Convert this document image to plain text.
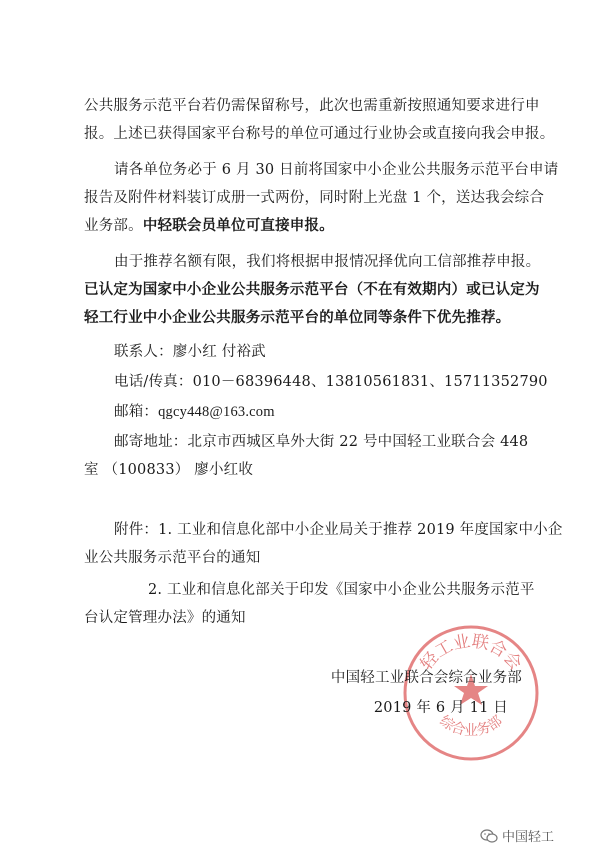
公共服务示范平台若仍需保留称号，此次也需重新按照通知要求进行申
报。上述已获得国家平台称号的单位可通过行业协会或直接向我会申报。
请各单位务必于 6 月 30 日前将国家中小企业公共服务示范平台申请
报告及附件材料装订成册一式两份，同时附上光盘 1 个，送达我会综合
业务部。中轻联会员单位可直接申报。
由于推荐名额有限，我们将根据申报情况择优向工信部推荐申报。
已认定为国家中小企业公共服务示范平台（不在有效期内）或已认定为
轻工行业中小企业公共服务示范平台的单位同等条件下优先推荐。
联系人：廖小红 付裕武
电话/传真：010－68396448、13810561831、15711352790
邮箱：qgcy448@163.com
邮寄地址：北京市西城区阜外大街 22 号中国轻工业联合会 448
室 （100833） 廖小红收
附件：1. 工业和信息化部中小企业局关于推荐 2019 年度国家中小企
业公共服务示范平台的通知
2. 工业和信息化部关于印发《国家中小企业公共服务示范平
台认定管理办法》的通知
轻工业联合会
综合业务部
中国轻工业联合会综合业务部
2019 年 6 月 11 日
中国轻工
